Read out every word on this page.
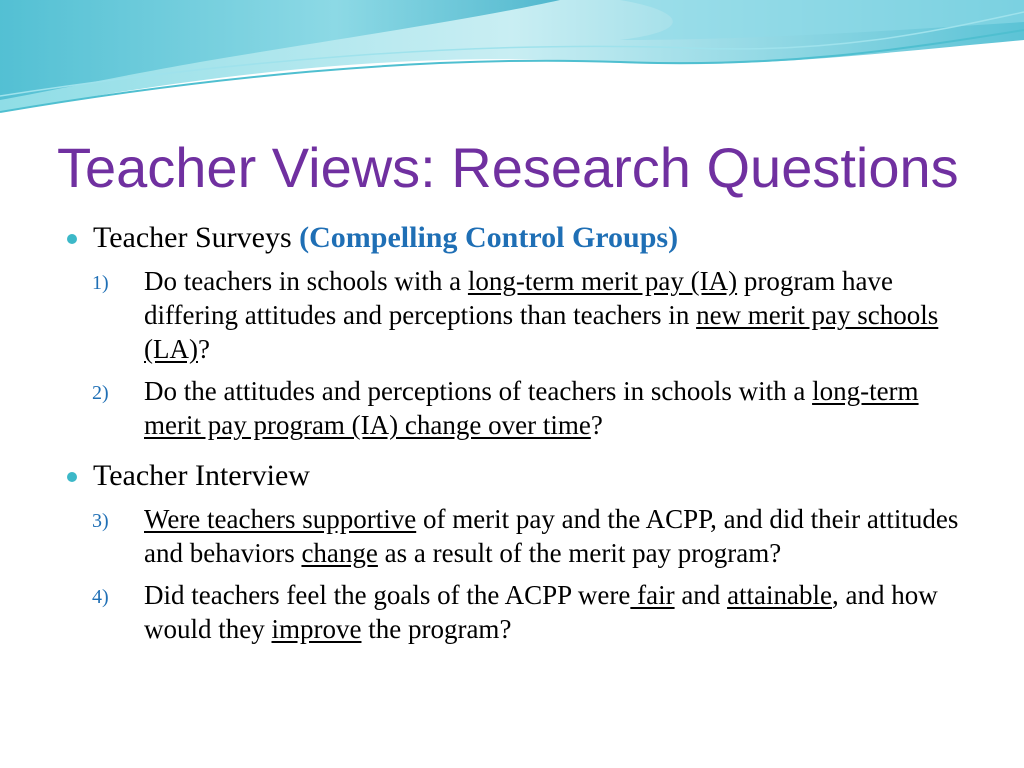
Teacher Views: Research Questions
Teacher Surveys (Compelling Control Groups)
1) Do teachers in schools with a long-term merit pay (IA) program have differing attitudes and perceptions than teachers in new merit pay schools (LA)?
2) Do the attitudes and perceptions of teachers in schools with a long-term merit pay program (IA) change over time?
Teacher Interview
3) Were teachers supportive of merit pay and the ACPP, and did their attitudes and behaviors change as a result of the merit pay program?
4) Did teachers feel the goals of the ACPP were fair and attainable, and how would they improve the program?
